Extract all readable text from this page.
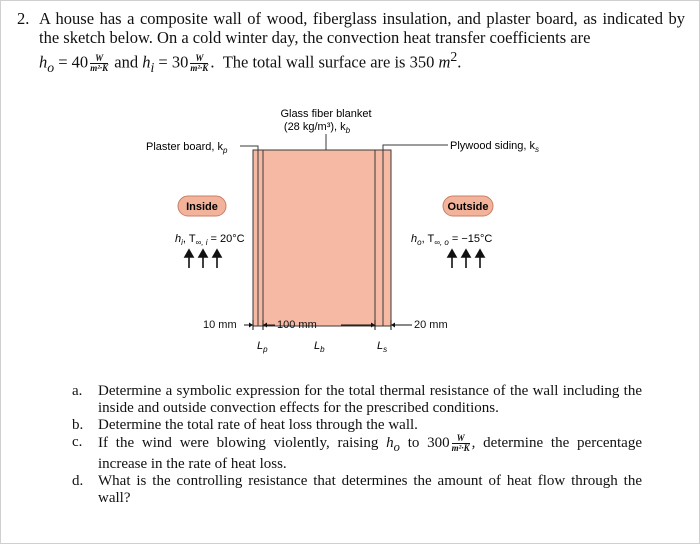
2. A house has a composite wall of wood, fiberglass insulation, and plaster board, as indicated by the sketch below. On a cold winter day, the convection heat transfer coefficients are
$h_o = 40 \frac{W}{\text{m²·K}}$ and $h_i = 30 \frac{W}{\text{m²·K}}$ .  The total wall surface are is 350 $m^2$.
Glass fiber blanket
(28 kg/m³), $k_b$
Plaster board, $k_p$	Plywood siding, $k_s$
Inside	Outside
$h_i$, $T_{\infty, i} = 20^\circ C$	$h_o$, $T_{\infty, o} = -15^\circ C$
10 mm	100 mm	20 mm
$L_p$	$L_b$	$L_s$

a. Determine a symbolic expression for the total thermal resistance of the wall including the inside and outside convection effects for the prescribed conditions.

b. Determine the total rate of heat loss through the wall.

c. If the wind were blowing violently, raising $h_o$ to $300 \frac{W}{\text{m²·K}}$ , determine the percentage increase in the rate of heat loss.

d. What is the controlling resistance that determines the amount of heat flow through the wall?
